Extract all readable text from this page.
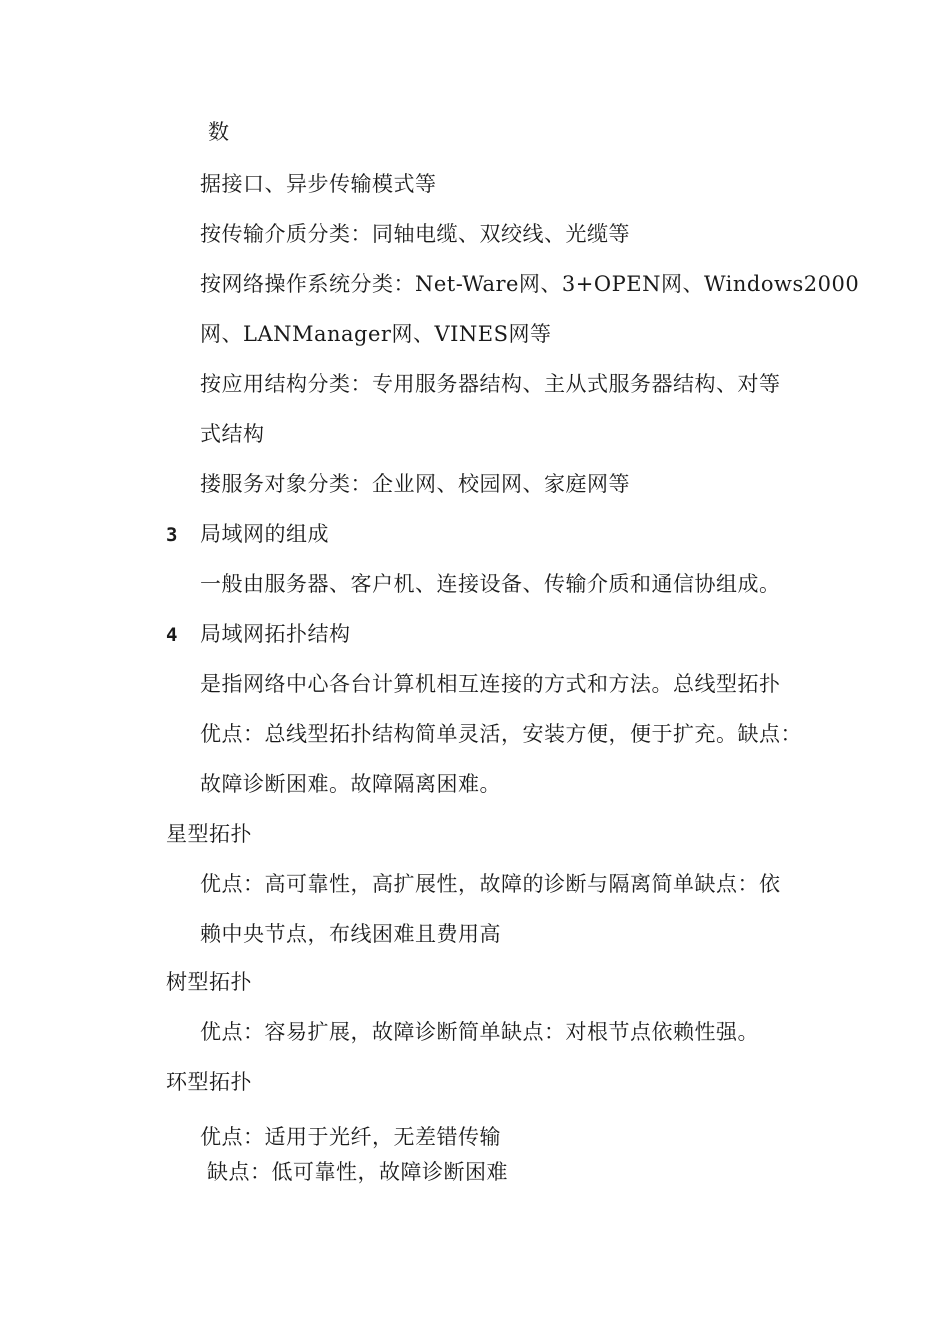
数
据接口、异步传输模式等
按传输介质分类：同轴电缆、双绞线、光缆等
按网络操作系统分类：Net-Ware网、3+OPEN网、Windows2000
网、LANManager网、VINES网等
按应用结构分类：专用服务器结构、主从式服务器结构、对等
式结构
搂服务对象分类：企业网、校园网、家庭网等
3 局域网的组成
一般由服务器、客户机、连接设备、传输介质和通信协组成。
4 局域网拓扑结构
是指网络中心各台计算机相互连接的方式和方法。总线型拓扑
优点：总线型拓扑结构简单灵活，安装方便，便于扩充。缺点：
故障诊断困难。故障隔离困难。
星型拓扑
优点：高可靠性，高扩展性，故障的诊断与隔离简单缺点：依
赖中央节点，布线困难且费用高
树型拓扑
优点：容易扩展，故障诊断简单缺点：对根节点依赖性强。
环型拓扑
优点：适用于光纤，无差错传输
缺点：低可靠性，故障诊断困难
